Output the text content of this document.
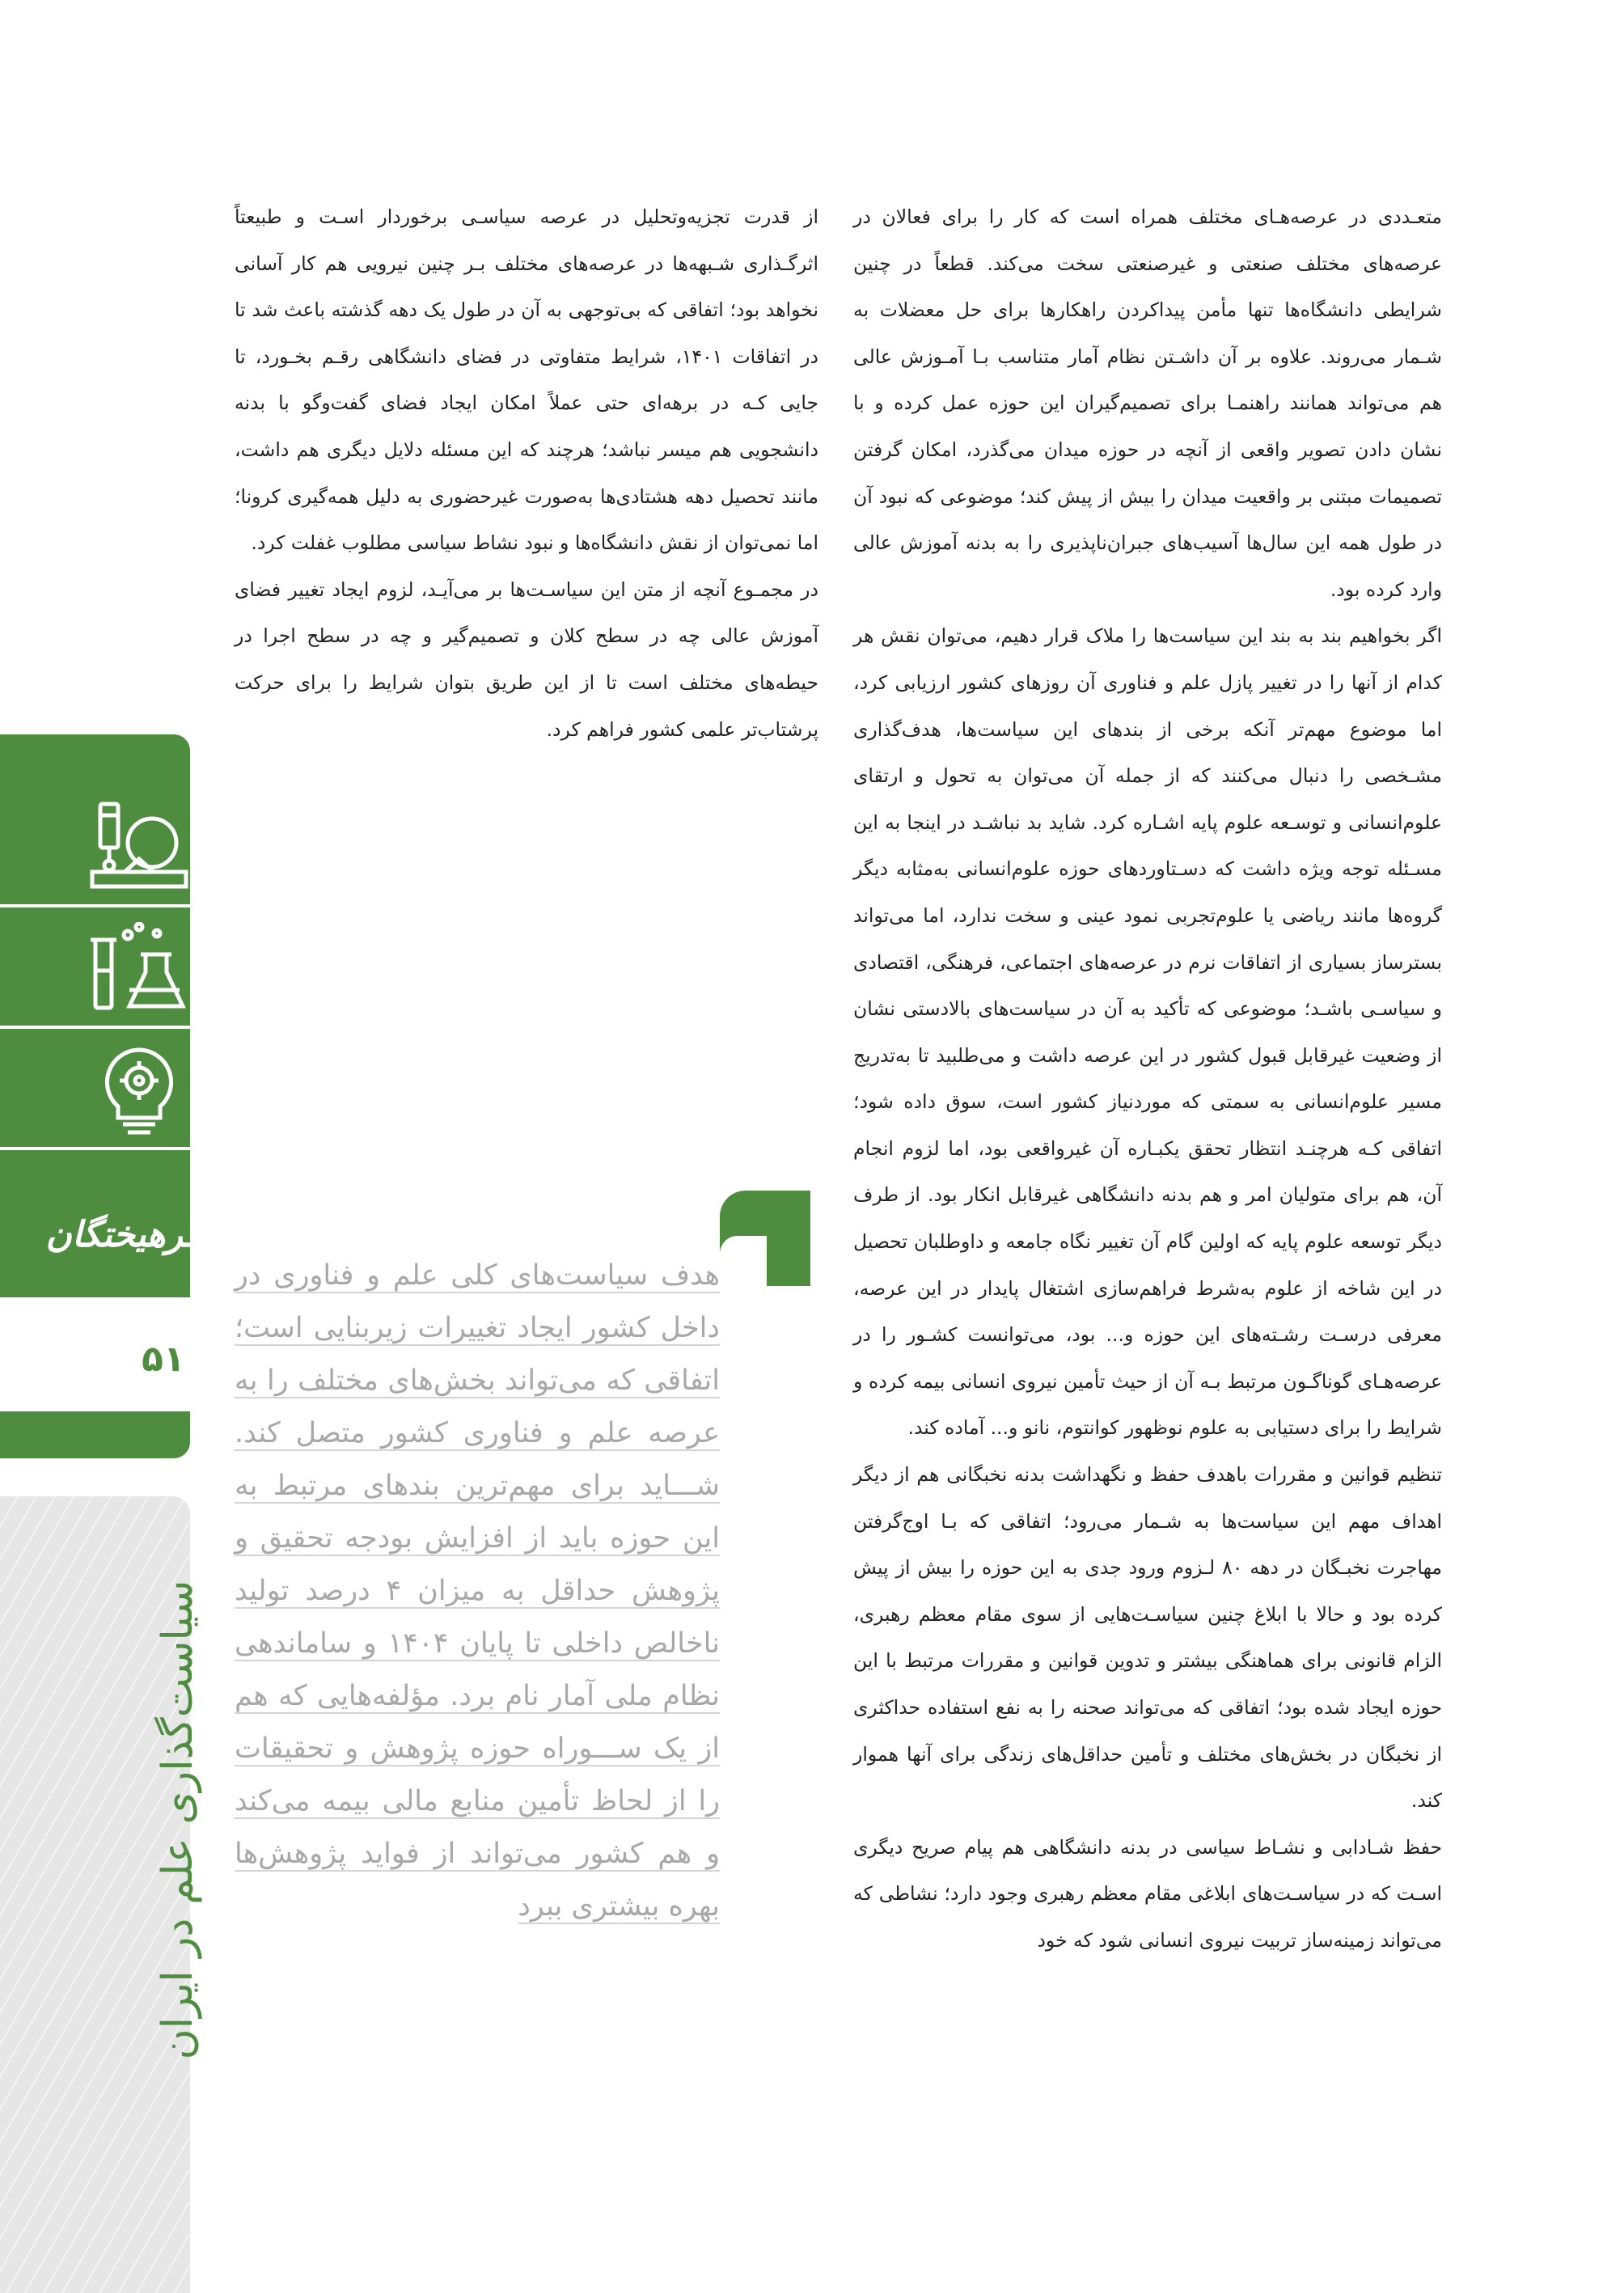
متعـددی در عرصه‌هـای مختلف همراه است که کار را برای فعالان در عرصه‌های مختلف صنعتی و غیرصنعتی سخت می‌کند. قطعاً در چنین شرایطی دانشگاه‌ها تنها مأمن پیداکردن راهکارها برای حل معضلات به شـمار می‌روند. علاوه بر آن داشـتن نظام آمار متناسب بـا آمـوزش عالی هم می‌تواند همانند راهنمـا برای تصمیم‌گیران این حوزه عمل کرده و با نشان دادن تصویر واقعی از آنچه در حوزه میدان می‌گذرد، امکان گرفتن تصمیمات مبتنی بر واقعیت میدان را بیش از پیش کند؛ موضوعی که نبود آن در طول همه این سال‌ها آسیب‌های جبران‌ناپذیری را به بدنه آموزش عالی وارد کرده بود.

اگر بخواهیم بند به بند این سیاست‌ها را ملاک قرار دهیم، می‌توان نقش هر کدام از آنها را در تغییر پازل علم و فناوری آن روزهای کشور ارزیابی کرد، اما موضوع مهم‌تر آنکه برخی از بندهای این سیاست‌ها، هدف‌گذاری مشـخصی را دنبال می‌کنند که از جمله آن می‌توان به تحول و ارتقای علوم‌انسانی و توسـعه علوم پایه اشـاره کرد. شاید بد نباشـد در اینجا به این مسـئله توجه ویژه داشت که دسـتاوردهای حوزه علوم‌انسانی به‌مثابه دیگر گروه‌ها مانند ریاضی یا علوم‌تجربی نمود عینی و سخت ندارد، اما می‌تواند بسترساز بسیاری از اتفاقات نرم در عرصه‌های اجتماعی، فرهنگی، اقتصادی و سیاسـی باشـد؛ موضوعی که تأکید به آن در سیاست‌های بالادستی نشان از وضعیت غیرقابل قبول کشور در این عرصه داشت و می‌طلبید تا به‌تدریج مسیر علوم‌انسانی به سمتی که موردنیاز کشور است، سوق داده شود؛ اتفاقی کـه هرچنـد انتظار تحقق یکبـاره آن غیرواقعی بود، اما لزوم انجام آن، هم برای متولیان امر و هم بدنه دانشگاهی غیرقابل انکار بود. از طرف دیگر توسعه علوم پایه که اولین گام آن تغییر نگاه جامعه و داوطلبان تحصیل در این شاخه از علوم به‌شرط فراهم‌سازی اشتغال پایدار در این عرصه، معرفی درسـت رشـته‌های این حوزه و... بود، می‌توانست کشـور را در عرصه‌هـای گوناگـون مرتبط بـه آن از حیث تأمین نیروی انسانی بیمه کرده و شرایط را برای دستیابی به علوم نوظهور کوانتوم، نانو و... آماده کند.

تنظیم قوانین و مقررات باهدف حفظ و نگهداشت بدنه نخبگانی هم از دیگر اهداف مهم این سیاست‌ها به شـمار می‌رود؛ اتفاقی که بـا اوج‌گرفتن مهاجرت نخبـگان در دهه ۸۰ لـزوم ورود جدی به این حوزه را بیش از پیش کرده بود و حالا با ابلاغ چنین سیاسـت‌هایی از سوی مقام معظم رهبری، الزام قانونی برای هماهنگی بیشتر و تدوین قوانین و مقررات مرتبط با این حوزه ایجاد شده بود؛ اتفاقی که می‌تواند صحنه را به نفع استفاده حداکثری از نخبگان در بخش‌های مختلف و تأمین حداقل‌های زندگی برای آنها هموار کند.

حفظ شـادابی و نشـاط سیاسی در بدنه دانشگاهی هم پیام صریح دیگری اسـت که در سیاسـت‌های ابلاغی مقام معظم رهبری وجود دارد؛ نشاطی که می‌تواند زمینه‌ساز تربیت نیروی انسانی شود که خود

از قدرت تجزیه‌وتحلیل در عرصه سیاسـی برخوردار اسـت و طبیعتاً اثرگـذاری شـبهه‌ها در عرصه‌های مختلف بـر چنین نیرویی هم کار آسانی نخواهد بود؛ اتفاقی که بی‌توجهی به آن در طول یک دهه گذشته باعث شد تا در اتفاقات ۱۴۰۱، شرایط متفاوتی در فضای دانشگاهی رقـم بخـورد، تا جایی کـه در برهه‌ای حتی عملاً امکان ایجاد فضای گفت‌وگو با بدنه دانشجویی هم میسر نباشد؛ هرچند که این مسئله دلایل دیگری هم داشت، مانند تحصیل دهه هشتادی‌ها به‌صورت غیرحضوری به دلیل همه‌گیری کرونا؛ اما نمی‌توان از نقش دانشگاه‌ها و نبود نشاط سیاسی مطلوب غفلت کرد.

در مجمـوع آنچه از متن این سیاسـت‌ها بر می‌آیـد، لزوم ایجاد تغییر فضای آموزش عالی چه در سطح کلان و تصمیم‌گیر و چه در سطح اجرا در حیطه‌های مختلف است تا از این طریق بتوان شرایط را برای حرکت پرشتاب‌تر علمی کشور فراهم کرد.

هدف سیاست‌های کلی علم و فناوری در داخل کشور ایجاد تغییرات زیربنایی است؛ اتفاقی که می‌تواند بخش‌های مختلف را به عرصه علم و فناوری کشور متصل کند. شـــاید برای مهم‌ترین بندهای مرتبط به این حوزه باید از افزایش بودجه تحقیق و پژوهش حداقل به میزان ۴ درصد تولید ناخالص داخلی تا پایان ۱۴۰۴ و ساماندهی نظام ملی آمار نام برد. مؤلفه‌هایی که هم از یک ســـوراه حوزه پژوهش و تحقیقات را از لحاظ تأمین منابع مالی بیمه می‌کند و هم کشور می‌تواند از فواید پژوهش‌ها بهره بیشتری ببرد
فرهیختگان
۵۱
سیاست‌گذاری علم در ایران
